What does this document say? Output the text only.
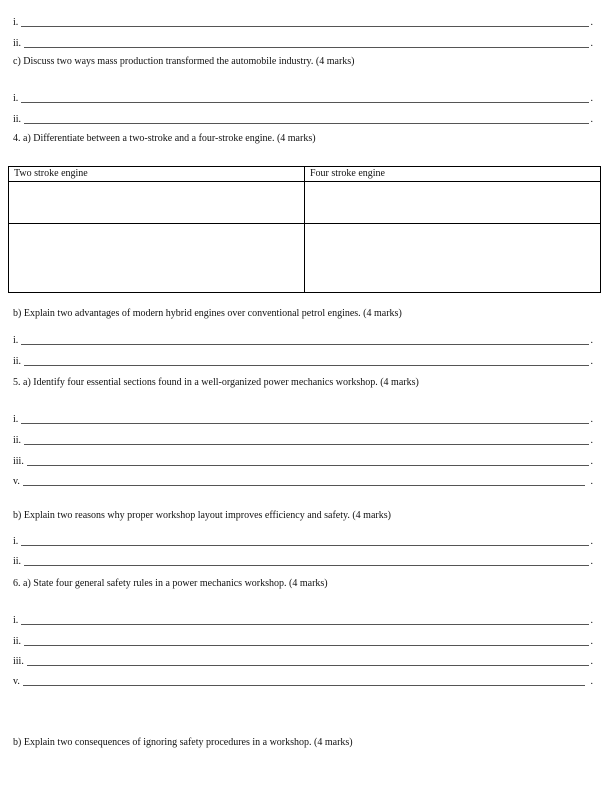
i.	.
ii.	.
c) Discuss two ways mass production transformed the automobile industry. (4 marks)
i.	.
ii.	.
4. a) Differentiate between a two-stroke and a four-stroke engine. (4 marks)
Two stroke engine	Four stroke engine

b) Explain two advantages of modern hybrid engines over conventional petrol engines. (4 marks)
i.	.
ii.	.
5. a) Identify four essential sections found in a well-organized power mechanics workshop. (4 marks)
i.	.
ii.	.
iii.	.
v.	.
b) Explain two reasons why proper workshop layout improves efficiency and safety. (4 marks)
i.	.
ii.	.
6. a) State four general safety rules in a power mechanics workshop. (4 marks)
i.	.
ii.	.
iii.	.
v.	.
b) Explain two consequences of ignoring safety procedures in a workshop. (4 marks)
